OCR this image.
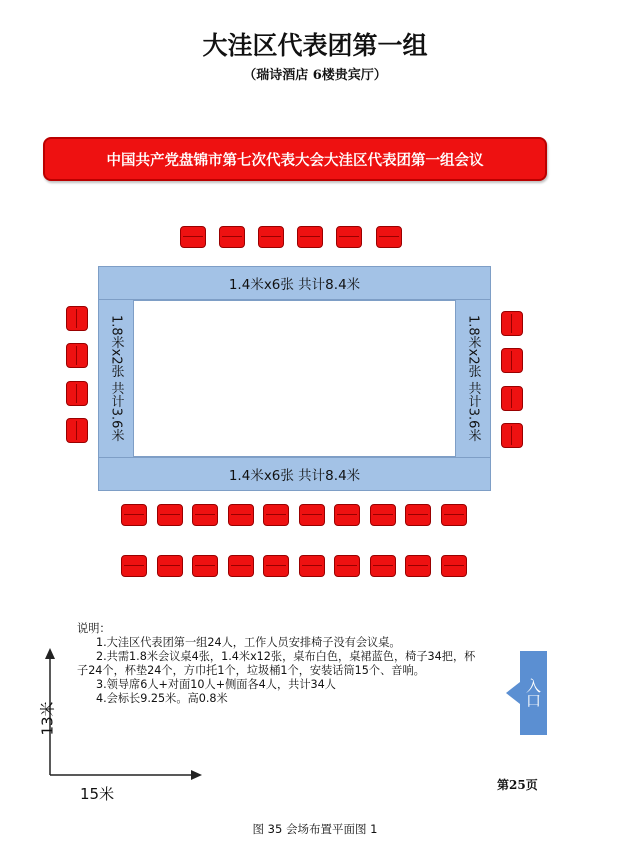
大洼区代表团第一组
（瑞诗酒店 6楼贵宾厅）
中国共产党盘锦市第七次代表大会大洼区代表团第一组会议
1.4米x6张 共计8.4米
1.4米x6张 共计8.4米
1.8米x2张 共计3.6米	1.8米x2张 共计3.6米
说明：
1.大洼区代表团第一组24人，工作人员安排椅子没有会议桌。
2.共需1.8米会议桌4张，1.4米x12张，桌布白色，桌裙蓝色，椅子34把，杯
子24个，杯垫24个，方巾托1个，垃圾桶1个，安装话筒15个、音响。
3.领导席6人+对面10人+侧面各4人，共计34人
4.会标长9.25米。高0.8米	入口
13米
15米	第25页
图 35 会场布置平面图 1
